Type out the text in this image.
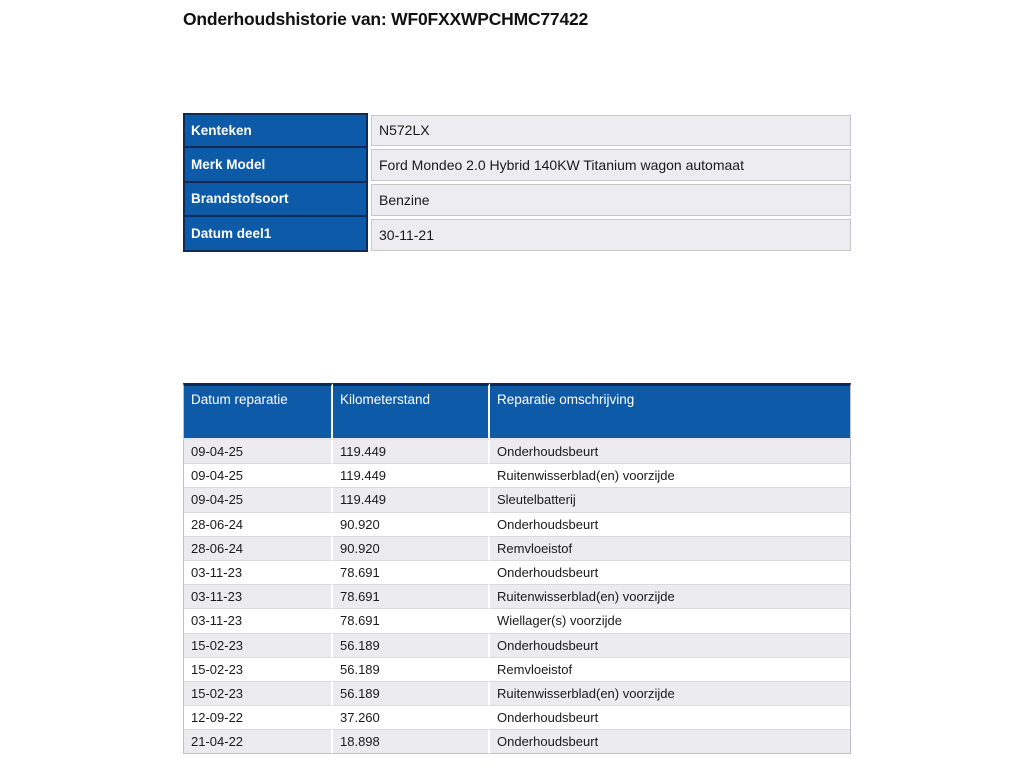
Onderhoudshistorie van: WF0FXXWPCHMC77422
Kenteken	N572LX
Merk Model	Ford Mondeo 2.0 Hybrid 140KW Titanium wagon automaat
Brandstofsoort	Benzine
Datum deel1	30-11-21
Datum reparatie	Kilometerstand	Reparatie omschrijving
09-04-25	119.449	Onderhoudsbeurt
09-04-25	119.449	Ruitenwisserblad(en) voorzijde
09-04-25	119.449	Sleutelbatterij
28-06-24	90.920	Onderhoudsbeurt
28-06-24	90.920	Remvloeistof
03-11-23	78.691	Onderhoudsbeurt
03-11-23	78.691	Ruitenwisserblad(en) voorzijde
03-11-23	78.691	Wiellager(s) voorzijde
15-02-23	56.189	Onderhoudsbeurt
15-02-23	56.189	Remvloeistof
15-02-23	56.189	Ruitenwisserblad(en) voorzijde
12-09-22	37.260	Onderhoudsbeurt
21-04-22	18.898	Onderhoudsbeurt
